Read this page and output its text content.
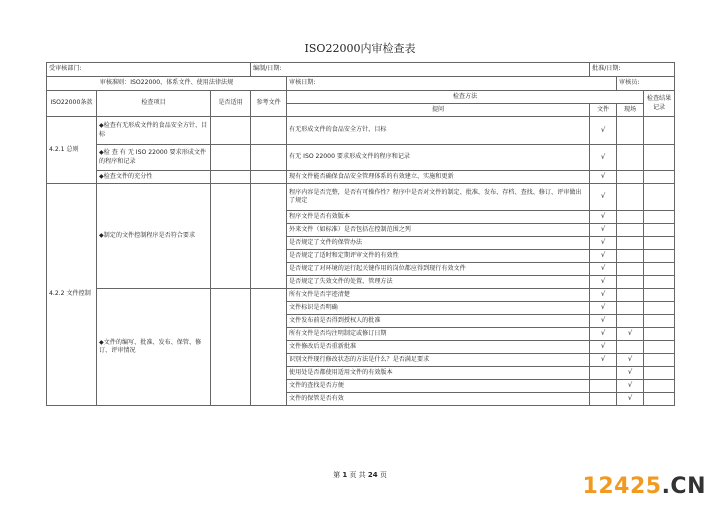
ISO22000内审检查表
受审核部门:			编制/日期:		批准/日期:		
审核准则：ISO22000、体系文件、使用法律法规				审核日期:		审核员:	
ISO22000条款	检查项目	是否适用	参考文件	检查方法			检查结果记录
				提问	文件	现场	
4.2.1 总则	◆检查有无形成文件的食品安全方针、目标			有无形成文件的食品安全方针、目标	√		
	◆检 查 有 无 ISO 22000 要求形成文件的程序和记录			有无 ISO 22000 要求形成文件的程序和记录	√		
	◆检查文件的充分性			现有文件能否确保食品安全管理体系的有效建立、实施和更新	√		
4.2.2 文件控制	◆制定的文件控制程序是否符合要求			程序内容是否完整，是否有可操作性？程序中是否对文件的制定、批准、发布、存档、查找、修订、评审做出了规定	√		
				程序文件是否有效版本	√		
				外来文件（如标准）是否包括在控制范围之列	√		
				是否规定了文件的保管办法	√		
				是否规定了适时和定期评审文件的有效性	√		
				是否规定了对环境的运行起关键作用的岗位都应得到现行有效文件	√		
				是否规定了失效文件的处置、管理方法	√		
	◆文件的编写、批准、发布、保管、修订、评审情况			所有文件是否字迹清楚	√		
				文件标识是否明确	√		
				文件发布前是否得到授权人的批准	√		
				所有文件是否均注明制定或修订日期	√	√	
				文件修改后是否重新批准	√		
				识别文件现行修改状态的方法是什么？是否满足要求	√	√	
				使用处是否都使用适用文件的有效版本		√	
				文件的查找是否方便		√	
				文件的保管是否有效		√	
第 1 页 共 24 页	12425.CN
